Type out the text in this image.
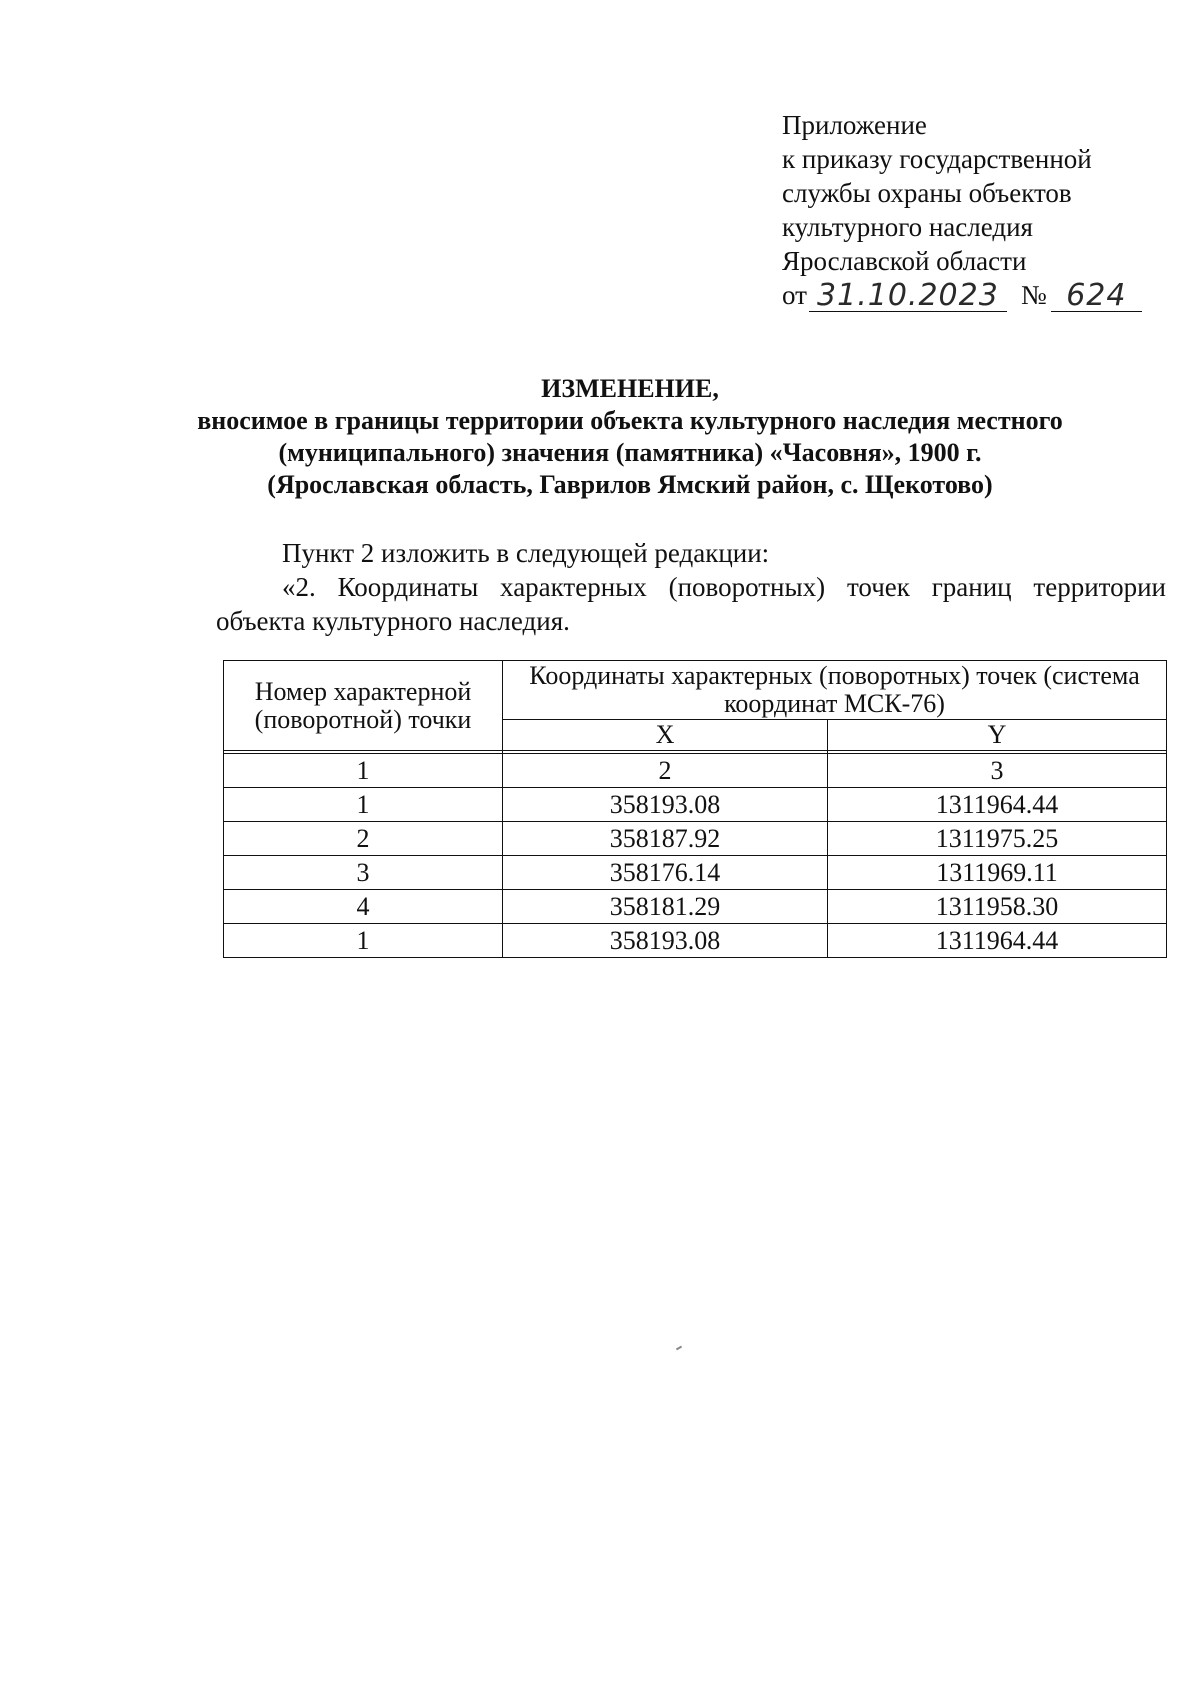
Приложение
к приказу государственной
службы охраны объектов
культурного наследия
Ярославской области
от 31.10.2023 № 624
ИЗМЕНЕНИЕ,
вносимое в границы территории объекта культурного наследия местного
(муниципального) значения (памятника) «Часовня», 1900 г.
(Ярославская область, Гаврилов Ямский район, с. Щекотово)
Пункт 2 изложить в следующей редакции:
«2. Координаты характерных (поворотных) точек границ территории объекта культурного наследия.
Номер характерной (поворотной) точки	Координаты характерных (поворотных) точек (система координат МСК-76)	
	X	Y

1	2	3
1	358193.08	1311964.44
2	358187.92	1311975.25
3	358176.14	1311969.11
4	358181.29	1311958.30
1	358193.08	1311964.44
